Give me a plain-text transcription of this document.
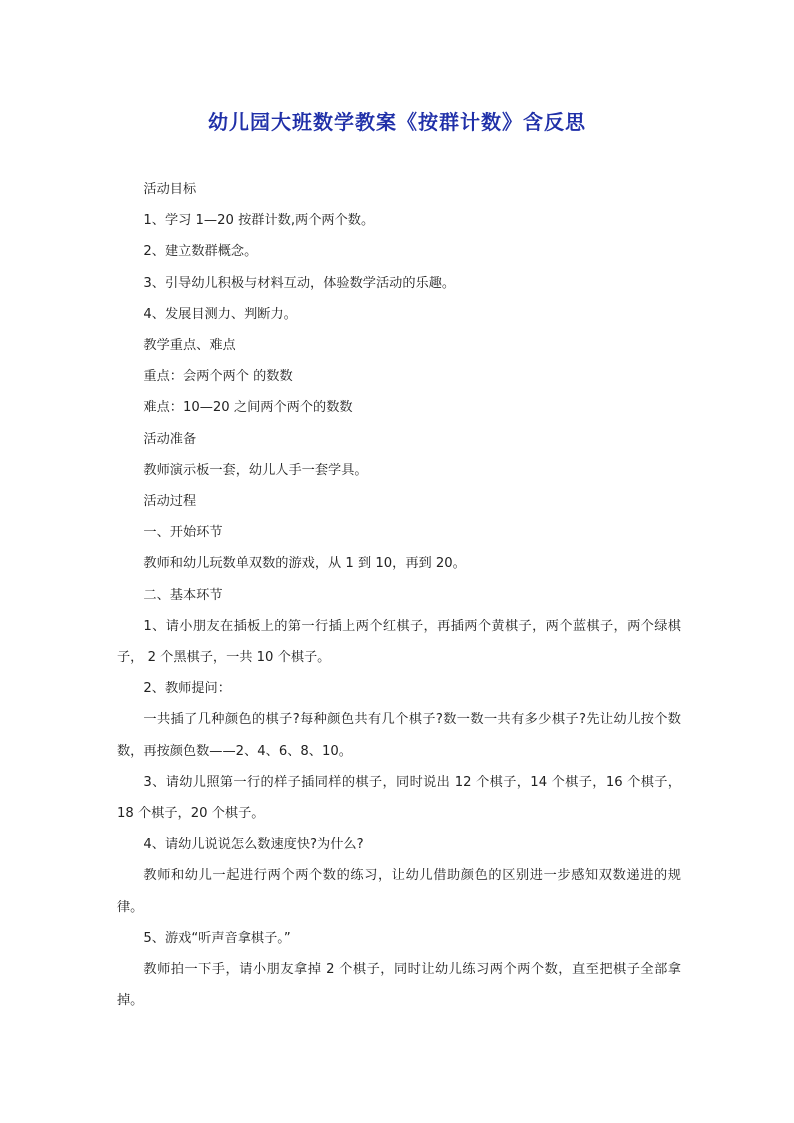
幼儿园大班数学教案《按群计数》含反思

活动目标

1、学习 1—20 按群计数,两个两个数。

2、建立数群概念。

3、引导幼儿积极与材料互动，体验数学活动的乐趣。

4、发展目测力、判断力。

教学重点、难点

重点：会两个两个 的数数

难点：10—20 之间两个两个的数数

活动准备

教师演示板一套，幼儿人手一套学具。

活动过程

一、开始环节

教师和幼儿玩数单双数的游戏，从 1 到 10，再到 20。

二、基本环节

1、请小朋友在插板上的第一行插上两个红棋子，再插两个黄棋子，两个蓝棋子，两个绿棋子， 2 个黑棋子，一共 10 个棋子。

2、教师提问：

一共插了几种颜色的棋子?每种颜色共有几个棋子?数一数一共有多少棋子?先让幼儿按个数数，再按颜色数——2、4、6、8、10。

3、请幼儿照第一行的样子插同样的棋子，同时说出 12 个棋子，14 个棋子，16 个棋子，18 个棋子，20 个棋子。

4、请幼儿说说怎么数速度快?为什么?

教师和幼儿一起进行两个两个数的练习，让幼儿借助颜色的区别进一步感知双数递进的规律。

5、游戏“听声音拿棋子。”

教师拍一下手，请小朋友拿掉 2 个棋子，同时让幼儿练习两个两个数，直至把棋子全部拿掉。
